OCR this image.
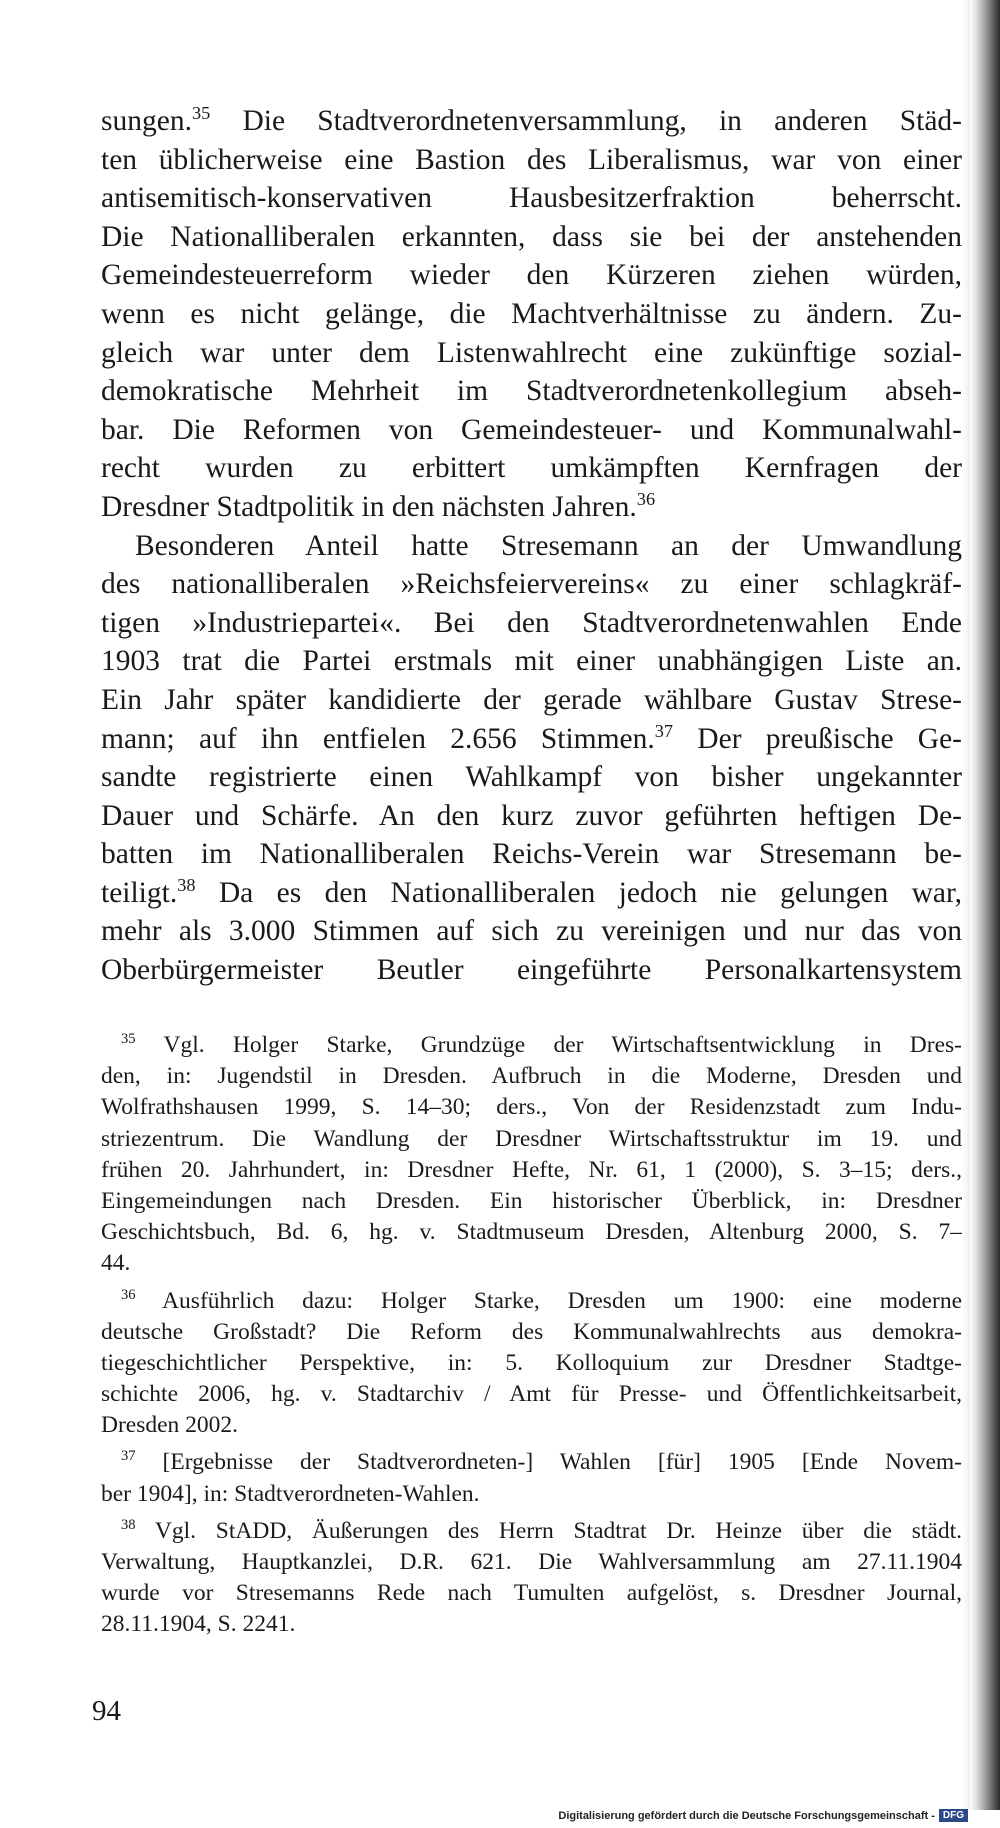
sungen.$^{35}$ Die Stadtverordnetenversammlung, in anderen Städ-
ten üblicherweise eine Bastion des Liberalismus, war von einer
antisemitisch-konservativen Hausbesitzerfraktion beherrscht.
Die Nationalliberalen erkannten, dass sie bei der anstehenden
Gemeindesteuerreform wieder den Kürzeren ziehen würden,
wenn es nicht gelänge, die Machtverhältnisse zu ändern. Zu-
gleich war unter dem Listenwahlrecht eine zukünftige sozial-
demokratische Mehrheit im Stadtverordnetenkollegium abseh-
bar. Die Reformen von Gemeindesteuer- und Kommunalwahl-
recht wurden zu erbittert umkämpften Kernfragen der
Dresdner Stadtpolitik in den nächsten Jahren.$^{36}$
Besonderen Anteil hatte Stresemann an der Umwandlung
des nationalliberalen »Reichsfeiervereins« zu einer schlagkräf-
tigen »Industriepartei«. Bei den Stadtverordnetenwahlen Ende
1903 trat die Partei erstmals mit einer unabhängigen Liste an.
Ein Jahr später kandidierte der gerade wählbare Gustav Strese-
mann; auf ihn entfielen 2.656 Stimmen.$^{37}$ Der preußische Ge-
sandte registrierte einen Wahlkampf von bisher ungekannter
Dauer und Schärfe. An den kurz zuvor geführten heftigen De-
batten im Nationalliberalen Reichs-Verein war Stresemann be-
teiligt.$^{38}$ Da es den Nationalliberalen jedoch nie gelungen war,
mehr als 3.000 Stimmen auf sich zu vereinigen und nur das von
Oberbürgermeister Beutler eingeführte Personalkartensystem
$^{35}$ Vgl. Holger Starke, Grundzüge der Wirtschaftsentwicklung in Dres-
den, in: Jugendstil in Dresden. Aufbruch in die Moderne, Dresden und
Wolfrathshausen 1999, S. 14–30; ders., Von der Residenzstadt zum Indu-
striezentrum. Die Wandlung der Dresdner Wirtschaftsstruktur im 19. und
frühen 20. Jahrhundert, in: Dresdner Hefte, Nr. 61, 1 (2000), S. 3–15; ders.,
Eingemeindungen nach Dresden. Ein historischer Überblick, in: Dresdner
Geschichtsbuch, Bd. 6, hg. v. Stadtmuseum Dresden, Altenburg 2000, S. 7–
44.
$^{36}$ Ausführlich dazu: Holger Starke, Dresden um 1900: eine moderne
deutsche Großstadt? Die Reform des Kommunalwahlrechts aus demokra-
tiegeschichtlicher Perspektive, in: 5. Kolloquium zur Dresdner Stadtge-
schichte 2006, hg. v. Stadtarchiv / Amt für Presse- und Öffentlichkeitsarbeit,
Dresden 2002.
$^{37}$ [Ergebnisse der Stadtverordneten-] Wahlen [für] 1905 [Ende Novem-
ber 1904], in: Stadtverordneten-Wahlen.
$^{38}$ Vgl. StADD, Äußerungen des Herrn Stadtrat Dr. Heinze über die städt.
Verwaltung, Hauptkanzlei, D.R. 621. Die Wahlversammlung am 27.11.1904
wurde vor Stresemanns Rede nach Tumulten aufgelöst, s. Dresdner Journal,
28.11.1904, S. 2241.
94
Digitalisierung gefördert durch die Deutsche Forschungsgemeinschaft - DFG
